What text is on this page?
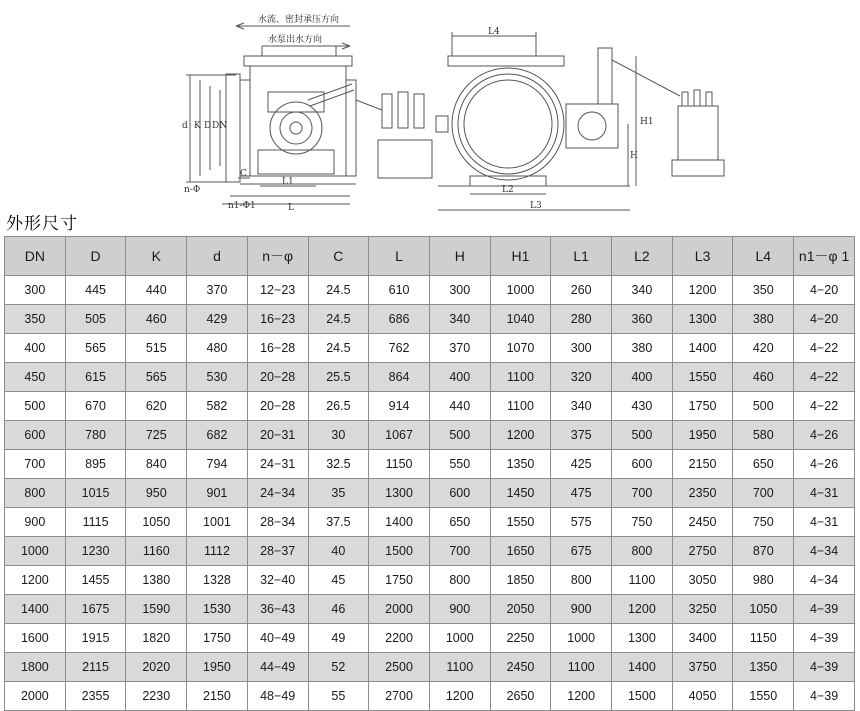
水流、密封承压方向
水泵出水方向
d K D DN
C
L1
n-Φ
n1-Φ1	L
L4
H1
H
L2
L3
外形尺寸
DN	D	K	d	n－φ	C	L	H	H1	L1	L2	L3	L4	n1－φ 1
300	445	440	370	12−23	24.5	610	300	1000	260	340	1200	350	4−20
350	505	460	429	16−23	24.5	686	340	1040	280	360	1300	380	4−20
400	565	515	480	16−28	24.5	762	370	1070	300	380	1400	420	4−22
450	615	565	530	20−28	25.5	864	400	1100	320	400	1550	460	4−22
500	670	620	582	20−28	26.5	914	440	1100	340	430	1750	500	4−22
600	780	725	682	20−31	30	1067	500	1200	375	500	1950	580	4−26
700	895	840	794	24−31	32.5	1150	550	1350	425	600	2150	650	4−26
800	1015	950	901	24−34	35	1300	600	1450	475	700	2350	700	4−31
900	1115	1050	1001	28−34	37.5	1400	650	1550	575	750	2450	750	4−31
1000	1230	1160	1112	28−37	40	1500	700	1650	675	800	2750	870	4−34
1200	1455	1380	1328	32−40	45	1750	800	1850	800	1100	3050	980	4−34
1400	1675	1590	1530	36−43	46	2000	900	2050	900	1200	3250	1050	4−39
1600	1915	1820	1750	40−49	49	2200	1000	2250	1000	1300	3400	1150	4−39
1800	2115	2020	1950	44−49	52	2500	1100	2450	1100	1400	3750	1350	4−39
2000	2355	2230	2150	48−49	55	2700	1200	2650	1200	1500	4050	1550	4−39
